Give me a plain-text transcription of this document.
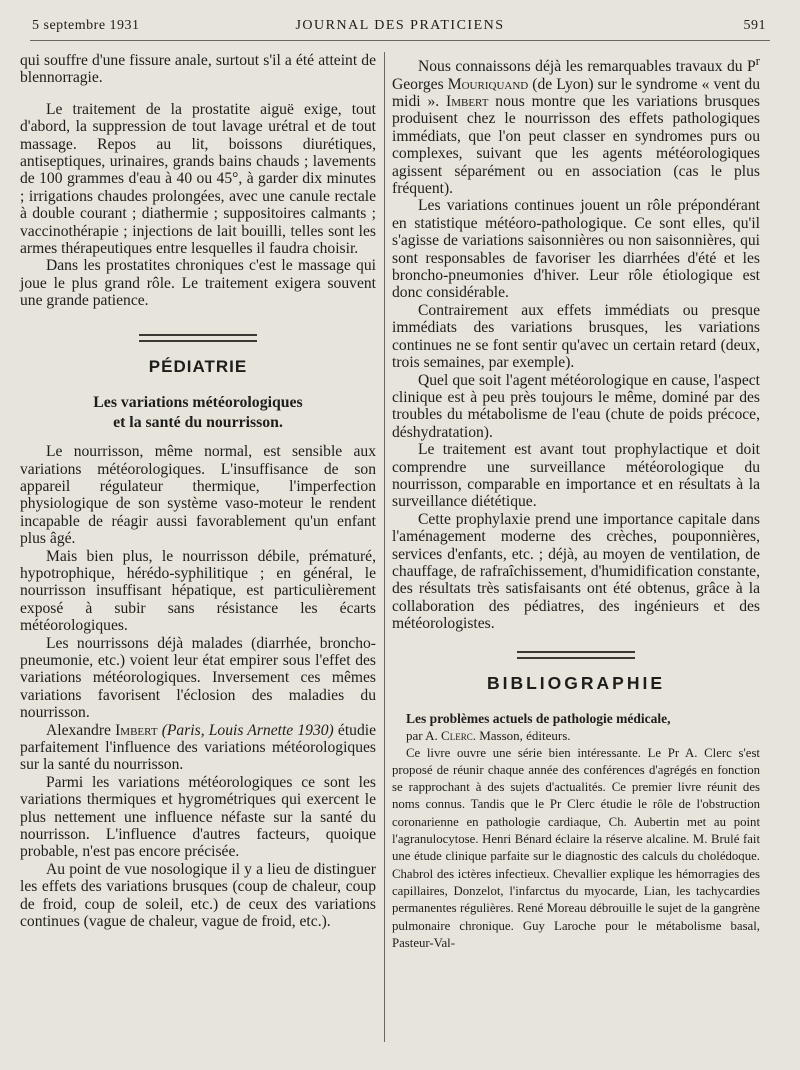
5 septembre 1931	JOURNAL DES PRATICIENS	591

qui souffre d'une fissure anale, surtout s'il a été atteint de blennorragie.

Le traitement de la prostatite aiguë exige, tout d'abord, la suppression de tout lavage urétral et de tout massage. Repos au lit, boissons diurétiques, antiseptiques, urinaires, grands bains chauds ; lavements de 100 grammes d'eau à 40 ou 45°, à garder dix minutes ; irrigations chaudes prolongées, avec une canule rectale à double courant ; diathermie ; suppositoires calmants ; vaccinothérapie ; injections de lait bouilli, telles sont les armes thérapeutiques entre lesquelles il faudra choisir.

Dans les prostatites chroniques c'est le massage qui joue le plus grand rôle. Le traitement exigera souvent une grande patience.

PÉDIATRIE
Les variations météorologiques
et la santé du nourrisson.

Le nourrisson, même normal, est sensible aux variations météorologiques. L'insuffisance de son appareil régulateur thermique, l'imperfection physiologique de son système vaso-moteur le rendent incapable de réagir aussi favorablement qu'un enfant plus âgé.

Mais bien plus, le nourrisson débile, prématuré, hypotrophique, hérédo-syphilitique ; en général, le nourrisson insuffisant hépatique, est particulièrement exposé à subir sans résistance les écarts météorologiques.

Les nourrissons déjà malades (diarrhée, broncho-pneumonie, etc.) voient leur état empirer sous l'effet des variations météorologiques. Inversement ces mêmes variations favorisent l'éclosion des maladies du nourrisson.

Alexandre Imbert (Paris, Louis Arnette 1930) étudie parfaitement l'influence des variations météorologiques sur la santé du nourrisson.

Parmi les variations météorologiques ce sont les variations thermiques et hygrométriques qui exercent le plus nettement une influence néfaste sur la santé du nourrisson. L'influence d'autres facteurs, quoique probable, n'est pas encore précisée.

Au point de vue nosologique il y a lieu de distinguer les effets des variations brusques (coup de chaleur, coup de froid, coup de soleil, etc.) de ceux des variations continues (vague de chaleur, vague de froid, etc.).

Nous connaissons déjà les remarquables travaux du $P^r$ Georges Mouriquand (de Lyon) sur le syndrome « vent du midi ». Imbert nous montre que les variations brusques produisent chez le nourrisson des effets pathologiques immédiats, que l'on peut classer en syndromes purs ou complexes, suivant que les agents météorologiques agissent séparément ou en association (cas le plus fréquent).

Les variations continues jouent un rôle prépondérant en statistique météoro-pathologique. Ce sont elles, qu'il s'agisse de variations saisonnières ou non saisonnières, qui sont responsables de favoriser les diarrhées d'été et les broncho-pneumonies d'hiver. Leur rôle étiologique est donc considérable.

Contrairement aux effets immédiats ou presque immédiats des variations brusques, les variations continues ne se font sentir qu'avec un certain retard (deux, trois semaines, par exemple).

Quel que soit l'agent météorologique en cause, l'aspect clinique est à peu près toujours le même, dominé par des troubles du métabolisme de l'eau (chute de poids précoce, déshydratation).

Le traitement est avant tout prophylactique et doit comprendre une surveillance météorologique du nourrisson, comparable en importance et en résultats à la surveillance diététique.

Cette prophylaxie prend une importance capitale dans l'aménagement moderne des crèches, pouponnières, services d'enfants, etc. ; déjà, au moyen de ventilation, de chauffage, de rafraîchissement, d'humidification constante, des résultats très satisfaisants ont été obtenus, grâce à la collaboration des pédiatres, des ingénieurs et des météorologistes.

BIBLIOGRAPHIE

Les problèmes actuels de pathologie médicale,

par A. Clerc. Masson, éditeurs.

Ce livre ouvre une série bien intéressante. Le Pr A. Clerc s'est proposé de réunir chaque année des conférences d'agrégés en fonction se rapprochant à des sujets d'actualités. Ce premier livre réunit des noms connus. Tandis que le Pr Clerc étudie le rôle de l'obstruction coronarienne en pathologie cardiaque, Ch. Aubertin met au point l'agranulocytose. Henri Bénard éclaire la réserve alcaline. M. Brulé fait une étude clinique parfaite sur le diagnostic des calculs du cholédoque. Chabrol des ictères infectieux. Chevallier explique les hémorragies des capillaires, Donzelot, l'infarctus du myocarde, Lian, les tachycardies permanentes régulières. René Moreau débrouille le sujet de la gangrène pulmonaire chronique. Guy Laroche pour le métabolisme basal, Pasteur-Val-
